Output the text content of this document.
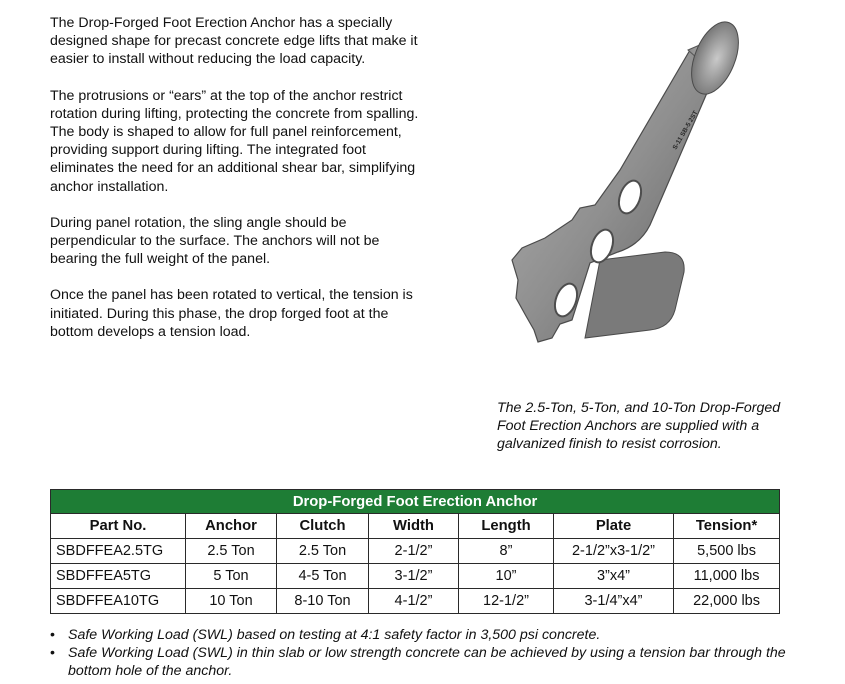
The Drop-Forged Foot Erection Anchor has a specially designed shape for precast concrete edge lifts that make it easier to install without reducing the load capacity.

The protrusions or “ears” at the top of the anchor restrict rotation during lifting, protecting the concrete from spalling. The body is shaped to allow for full panel reinforcement, providing support during lifting. The integrated foot eliminates the need for an additional shear bar, simplifying anchor installation.

During panel rotation, the sling angle should be perpendicular to the surface. The anchors will not be bearing the full weight of the panel.

Once the panel has been rotated to vertical, the tension is initiated. During this phase, the drop forged foot at the bottom develops a tension load.

S-11 SB-5 2ST
The 2.5-Ton, 5-Ton, and 10-Ton Drop-Forged Foot Erection Anchors are supplied with a galvanized finish to resist corrosion.
Drop-Forged Foot Erection Anchor						
Part No.	Anchor	Clutch	Width	Length	Plate	Tension*
SBDFFEA2.5TG	2.5 Ton	2.5 Ton	2-1/2”	8”	2-1/2”x3-1/2”	5,500 lbs
SBDFFEA5TG	5 Ton	4-5 Ton	3-1/2”	10”	3”x4”	11,000 lbs
SBDFFEA10TG	10 Ton	8-10 Ton	4-1/2”	12-1/2”	3-1/4”x4”	22,000 lbs
• Safe Working Load (SWL) based on testing at 4:1 safety factor in 3,500 psi concrete.
• Safe Working Load (SWL) in thin slab or low strength concrete can be achieved by using a tension bar through the bottom hole of the anchor.
